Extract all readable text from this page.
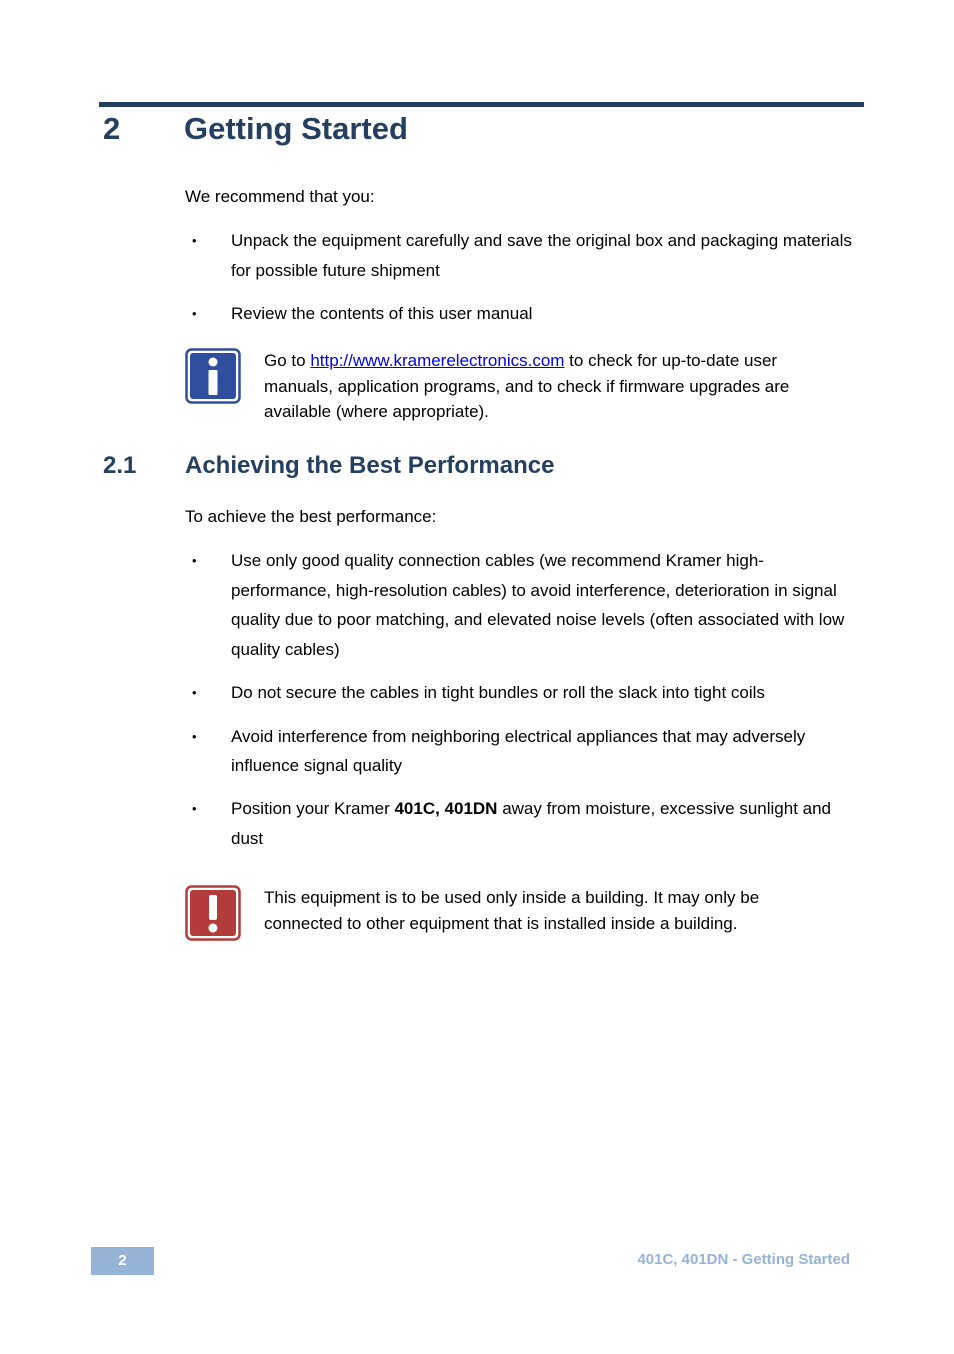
2 Getting Started
We recommend that you:
• Unpack the equipment carefully and save the original box and packaging materials for possible future shipment
• Review the contents of this user manual
Go to http://www.kramerelectronics.com to check for up-to-date user manuals, application programs, and to check if firmware upgrades are available (where appropriate).
2.1 Achieving the Best Performance
To achieve the best performance:
• Use only good quality connection cables (we recommend Kramer high-performance, high-resolution cables) to avoid interference, deterioration in signal quality due to poor matching, and elevated noise levels (often associated with low quality cables)
• Do not secure the cables in tight bundles or roll the slack into tight coils
• Avoid interference from neighboring electrical appliances that may adversely influence signal quality
• Position your Kramer 401C, 401DN away from moisture, excessive sunlight and dust
This equipment is to be used only inside a building. It may only be connected to other equipment that is installed inside a building.
2	401C, 401DN - Getting Started
